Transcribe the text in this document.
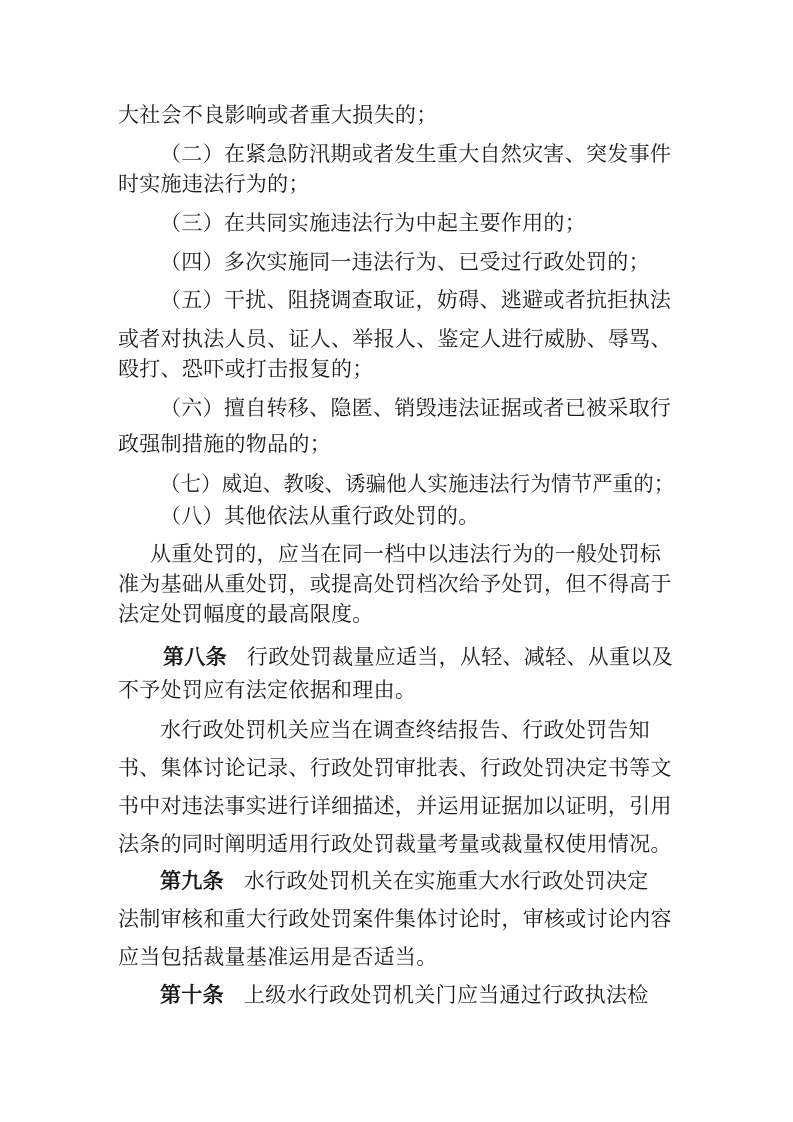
大社会不良影响或者重大损失的；
（二）在紧急防汛期或者发生重大自然灾害、突发事件
时实施违法行为的；
（三）在共同实施违法行为中起主要作用的；
（四）多次实施同一违法行为、已受过行政处罚的；
（五）干扰、阻挠调查取证，妨碍、逃避或者抗拒执法
或者对执法人员、证人、举报人、鉴定人进行威胁、辱骂、
殴打、恐吓或打击报复的；
（六）擅自转移、隐匿、销毁违法证据或者已被采取行
政强制措施的物品的；
（七）威迫、教唆、诱骗他人实施违法行为情节严重的；
（八）其他依法从重行政处罚的。
从重处罚的，应当在同一档中以违法行为的一般处罚标
准为基础从重处罚，或提高处罚档次给予处罚，但不得高于
法定处罚幅度的最高限度。
第八条 行政处罚裁量应适当，从轻、减轻、从重以及
不予处罚应有法定依据和理由。
水行政处罚机关应当在调查终结报告、行政处罚告知
书、集体讨论记录、行政处罚审批表、行政处罚决定书等文
书中对违法事实进行详细描述，并运用证据加以证明，引用
法条的同时阐明适用行政处罚裁量考量或裁量权使用情况。
第九条 水行政处罚机关在实施重大水行政处罚决定
法制审核和重大行政处罚案件集体讨论时，审核或讨论内容
应当包括裁量基准运用是否适当。
第十条 上级水行政处罚机关门应当通过行政执法检
